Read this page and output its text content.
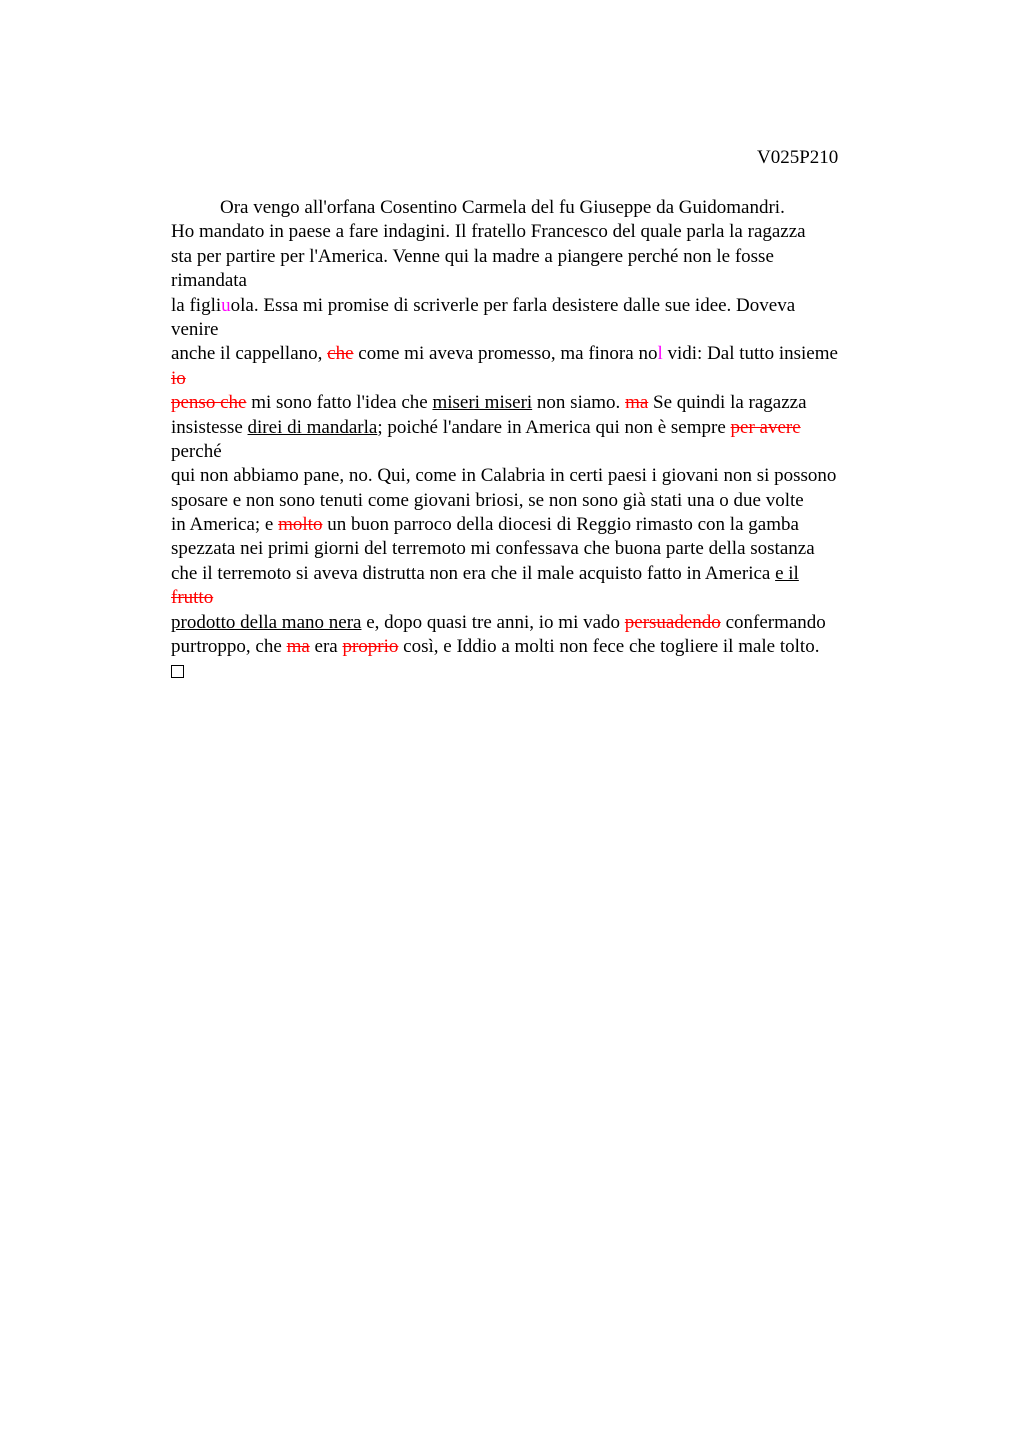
V025P210
Ora vengo all'orfana Cosentino Carmela del fu Giuseppe da Guidomandri.
Ho mandato in paese a fare indagini. Il fratello Francesco del quale parla la ragazza
sta per partire per l'America. Venne qui la madre a piangere perché non le fosse
rimandata
la figliuola. Essa mi promise di scriverle per farla desistere dalle sue idee. Doveva
venire
anche il cappellano, che come mi aveva promesso, ma finora nol vidi: Dal tutto insieme
io
penso che mi sono fatto l'idea che miseri miseri non siamo. ma Se quindi la ragazza
insistesse direi di mandarla; poiché l'andare in America qui non è sempre per avere
perché
qui non abbiamo pane, no. Qui, come in Calabria in certi paesi i giovani non si possono
sposare e non sono tenuti come giovani briosi, se non sono già stati una o due volte
in America; e molto un buon parroco della diocesi di Reggio rimasto con la gamba
spezzata nei primi giorni del terremoto mi confessava che buona parte della sostanza
che il terremoto si aveva distrutta non era che il male acquisto fatto in America e il
frutto
prodotto della mano nera e, dopo quasi tre anni, io mi vado persuadendo confermando
purtroppo, che ma era proprio così, e Iddio a molti non fece che togliere il male tolto.
